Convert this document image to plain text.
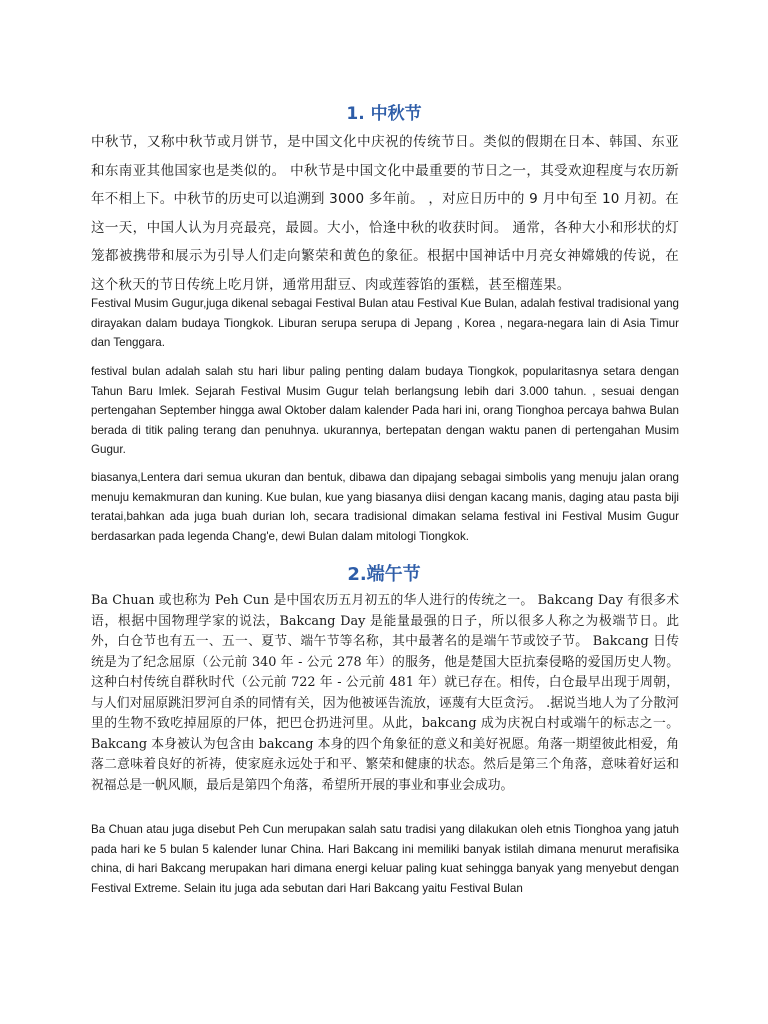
1. 中秋节

中秋节，又称中秋节或月饼节，是中国文化中庆祝的传统节日。类似的假期在日本、韩国、东亚和东南亚其他国家也是类似的。 中秋节是中国文化中最重要的节日之一，其受欢迎程度与农历新年不相上下。中秋节的历史可以追溯到 3000 多年前。 ，对应日历中的 9 月中旬至 10 月初。在这一天，中国人认为月亮最亮，最圆。大小，恰逢中秋的收获时间。 通常，各种大小和形状的灯笼都被携带和展示为引导人们走向繁荣和黄色的象征。根据中国神话中月亮女神嫦娥的传说，在这个秋天的节日传统上吃月饼，通常用甜豆、肉或莲蓉馅的蛋糕，甚至榴莲果。

Festival Musim Gugur,juga dikenal sebagai Festival Bulan atau Festival Kue Bulan, adalah festival tradisional yang dirayakan dalam budaya Tiongkok. Liburan serupa serupa di Jepang , Korea , negara-negara lain di Asia Timur dan Tenggara.

festival bulan adalah salah stu hari libur paling penting dalam budaya Tiongkok, popularitasnya setara dengan Tahun Baru Imlek. Sejarah Festival Musim Gugur telah berlangsung lebih dari 3.000 tahun. , sesuai dengan pertengahan September hingga awal Oktober dalam kalender Pada hari ini, orang Tionghoa percaya bahwa Bulan berada di titik paling terang dan penuhnya. ukurannya, bertepatan dengan waktu panen di pertengahan Musim Gugur.

biasanya,Lentera dari semua ukuran dan bentuk, dibawa dan dipajang sebagai simbolis yang menuju jalan orang menuju kemakmuran dan kuning. Kue bulan, kue yang biasanya diisi dengan kacang manis, daging atau pasta biji teratai,bahkan ada juga buah durian loh, secara tradisional dimakan selama festival ini Festival Musim Gugur berdasarkan pada legenda Chang'e, dewi Bulan dalam mitologi Tiongkok.

2.端午节

Ba Chuan 或也称为 Peh Cun 是中国农历五月初五的华人进行的传统之一。 Bakcang Day 有很多术语，根据中国物理学家的说法，Bakcang Day 是能量最强的日子，所以很多人称之为极端节日。此外，白仓节也有五一、五一、夏节、端午节等名称，其中最著名的是端午节或饺子节。 Bakcang 日传统是为了纪念屈原（公元前 340 年 - 公元 278 年）的服务，他是楚国大臣抗秦侵略的爱国历史人物。这种白村传统自群秋时代（公元前 722 年 - 公元前 481 年）就已存在。相传，白仓最早出现于周朝，与人们对屈原跳汨罗河自杀的同情有关，因为他被诬告流放，诬蔑有大臣贪污。 .据说当地人为了分散河里的生物不致吃掉屈原的尸体，把巴仓扔进河里。从此，bakcang 成为庆祝白村或端午的标志之一。 Bakcang 本身被认为包含由 bakcang 本身的四个角象征的意义和美好祝愿。角落一期望彼此相爱，角落二意味着良好的祈祷，使家庭永远处于和平、繁荣和健康的状态。然后是第三个角落，意味着好运和祝福总是一帆风顺，最后是第四个角落，希望所开展的事业和事业会成功。

Ba Chuan atau juga disebut Peh Cun merupakan salah satu tradisi yang dilakukan oleh etnis Tionghoa yang jatuh pada hari ke 5 bulan 5 kalender lunar China. Hari Bakcang ini memiliki banyak istilah dimana menurut merafisika china, di hari Bakcang merupakan hari dimana energi keluar paling kuat sehingga banyak yang menyebut dengan Festival Extreme. Selain itu juga ada sebutan dari Hari Bakcang yaitu Festival Bulan
